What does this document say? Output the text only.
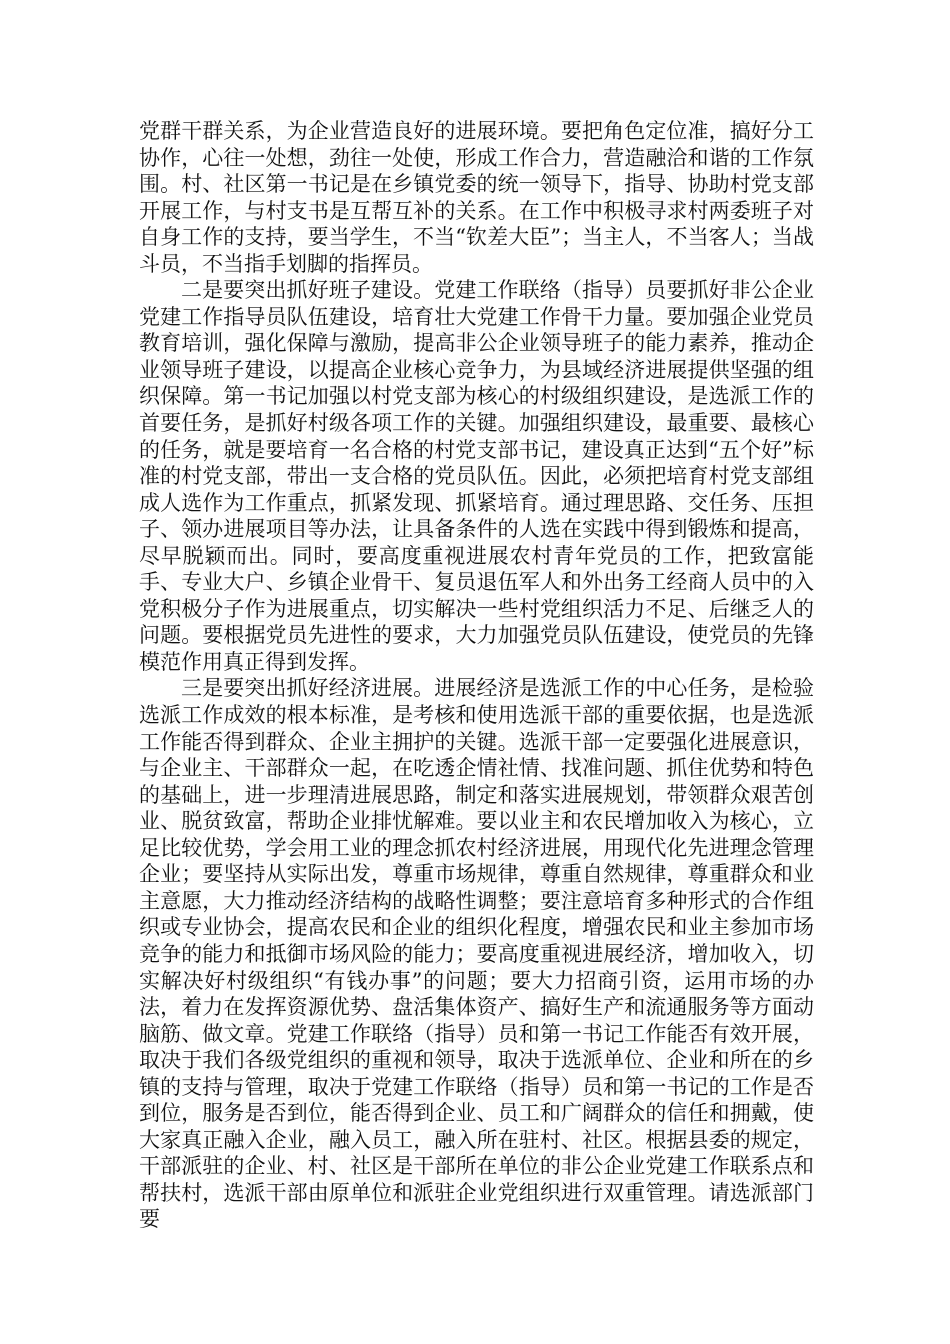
党群干群关系，为企业营造良好的进展环境。要把角色定位准，搞好分工协作，心往一处想，劲往一处使，形成工作合力，营造融洽和谐的工作氛围。村、社区第一书记是在乡镇党委的统一领导下，指导、协助村党支部开展工作，与村支书是互帮互补的关系。在工作中积极寻求村两委班子对自身工作的支持，要当学生，不当“钦差大臣”；当主人，不当客人；当战斗员，不当指手划脚的指挥员。

二是要突出抓好班子建设。党建工作联络（指导）员要抓好非公企业党建工作指导员队伍建设，培育壮大党建工作骨干力量。要加强企业党员教育培训，强化保障与激励，提高非公企业领导班子的能力素养，推动企业领导班子建设，以提高企业核心竞争力，为县域经济进展提供坚强的组织保障。第一书记加强以村党支部为核心的村级组织建设，是选派工作的首要任务，是抓好村级各项工作的关键。加强组织建设，最重要、最核心的任务，就是要培育一名合格的村党支部书记，建设真正达到“五个好”标准的村党支部，带出一支合格的党员队伍。因此，必须把培育村党支部组成人选作为工作重点，抓紧发现、抓紧培育。通过理思路、交任务、压担子、领办进展项目等办法，让具备条件的人选在实践中得到锻炼和提高，尽早脱颖而出。同时，要高度重视进展农村青年党员的工作，把致富能手、专业大户、乡镇企业骨干、复员退伍军人和外出务工经商人员中的入党积极分子作为进展重点，切实解决一些村党组织活力不足、后继乏人的问题。要根据党员先进性的要求，大力加强党员队伍建设，使党员的先锋模范作用真正得到发挥。

三是要突出抓好经济进展。进展经济是选派工作的中心任务，是检验选派工作成效的根本标准，是考核和使用选派干部的重要依据，也是选派工作能否得到群众、企业主拥护的关键。选派干部一定要强化进展意识，与企业主、干部群众一起，在吃透企情社情、找准问题、抓住优势和特色的基础上，进一步理清进展思路，制定和落实进展规划，带领群众艰苦创业、脱贫致富，帮助企业排忧解难。要以业主和农民增加收入为核心，立足比较优势，学会用工业的理念抓农村经济进展，用现代化先进理念管理企业；要坚持从实际出发，尊重市场规律，尊重自然规律，尊重群众和业主意愿，大力推动经济结构的战略性调整；要注意培育多种形式的合作组织或专业协会，提高农民和企业的组织化程度，增强农民和业主参加市场竞争的能力和抵御市场风险的能力；要高度重视进展经济，增加收入，切实解决好村级组织“有钱办事”的问题；要大力招商引资，运用市场的办法，着力在发挥资源优势、盘活集体资产、搞好生产和流通服务等方面动脑筋、做文章。党建工作联络（指导）员和第一书记工作能否有效开展，取决于我们各级党组织的重视和领导，取决于选派单位、企业和所在的乡镇的支持与管理，取决于党建工作联络（指导）员和第一书记的工作是否到位，服务是否到位，能否得到企业、员工和广阔群众的信任和拥戴，使大家真正融入企业，融入员工，融入所在驻村、社区。根据县委的规定，干部派驻的企业、村、社区是干部所在单位的非公企业党建工作联系点和帮扶村，选派干部由原单位和派驻企业党组织进行双重管理。请选派部门要
